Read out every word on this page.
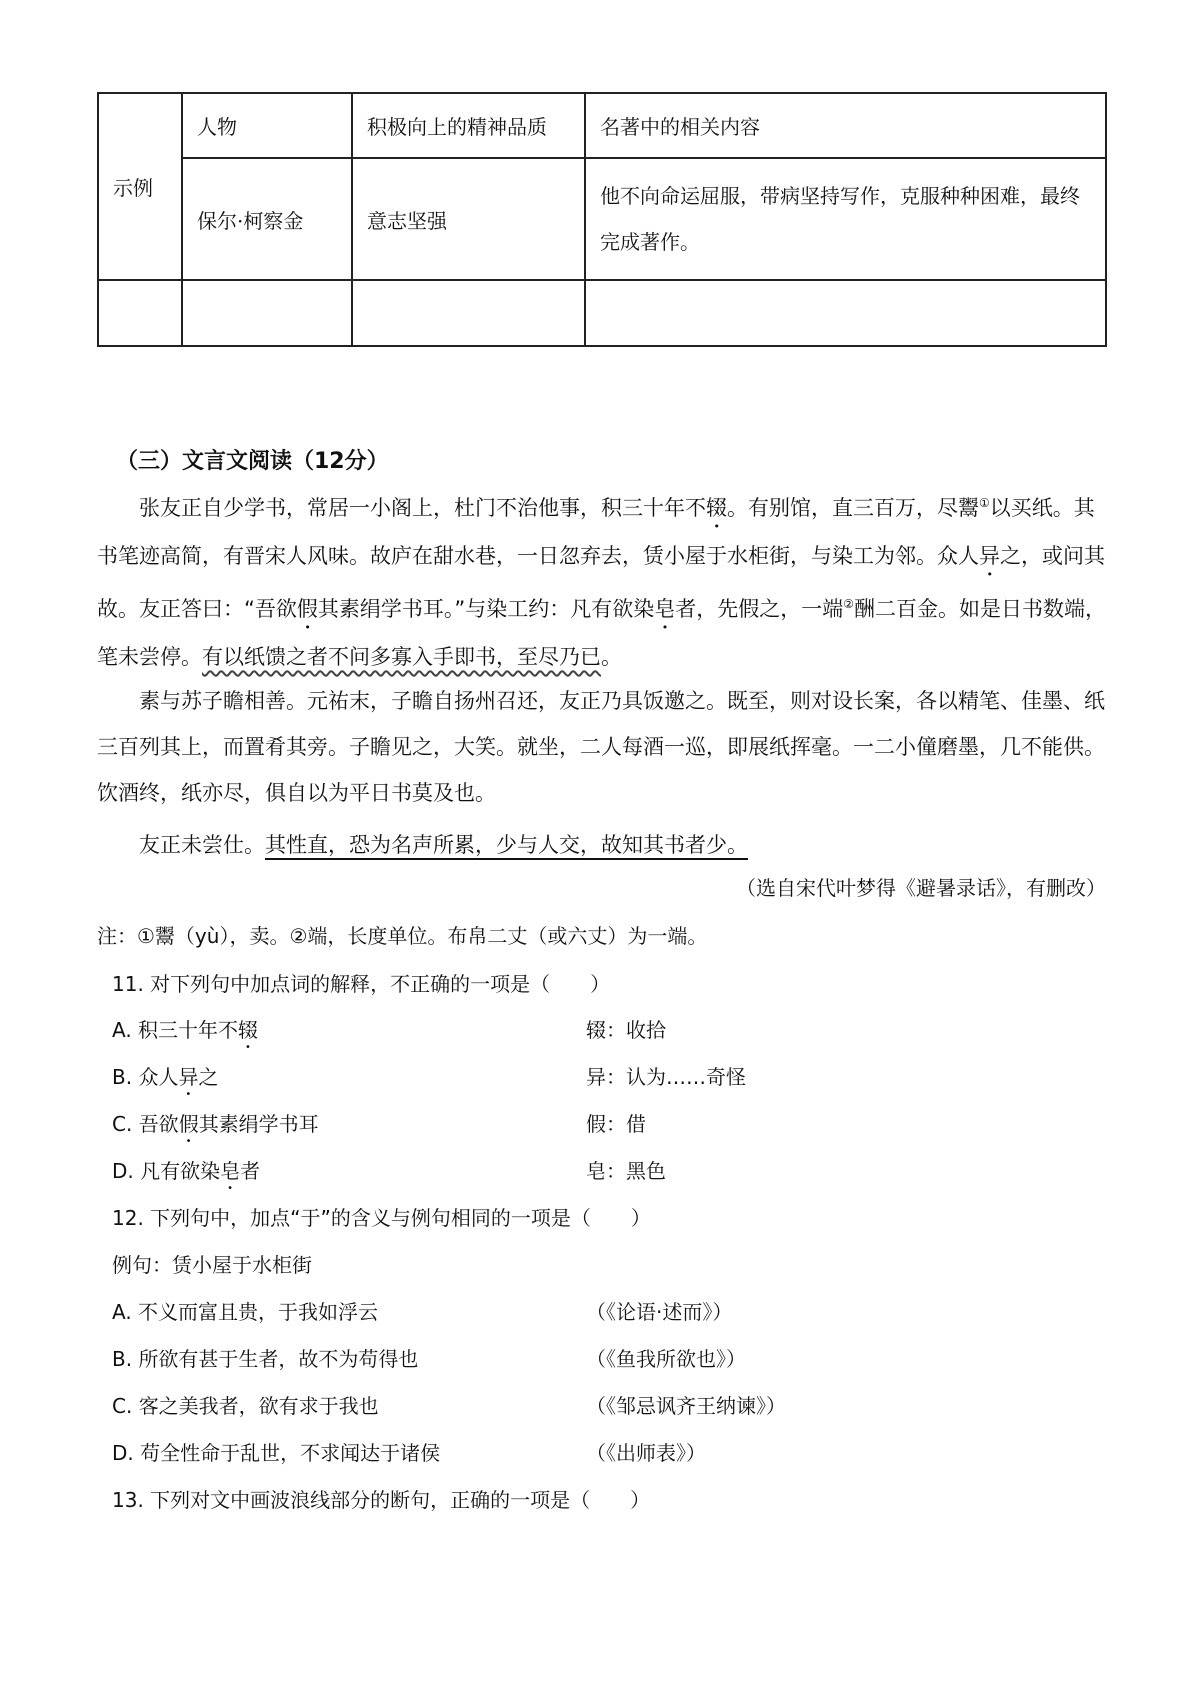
示例	人物	积极向上的精神品质	名著中的相关内容
	保尔·柯察金	意志坚强	他不向命运屈服，带病坚持写作，克服种种困难，最终完成著作。

（三）文言文阅读（12分）
张友正自少学书，常居一小阁上，杜门不治他事，积三十年不辍。有别馆，直三百万，尽鬻①以买纸。其书笔迹高简，有晋宋人风味。故庐在甜水巷，一日忽弃去，赁小屋于水柜街，与染工为邻。众人异之，或问其故。友正答曰：“吾欲假其素绢学书耳。”与染工约：凡有欲染皂者，先假之，一端②酬二百金。如是日书数端，笔未尝停。有以纸馈之者不问多寡入手即书，至尽乃已。
素与苏子瞻相善。元祐末，子瞻自扬州召还，友正乃具饭邀之。既至，则对设长案，各以精笔、佳墨、纸三百列其上，而置肴其旁。子瞻见之，大笑。就坐，二人每酒一巡，即展纸挥毫。一二小僮磨墨，几不能供。饮酒终，纸亦尽，俱自以为平日书莫及也。
友正未尝仕。其性直，恐为名声所累，少与人交，故知其书者少。
（选自宋代叶梦得《避暑录话》，有删改）
注：①鬻（yù），卖。②端，长度单位。布帛二丈（或六丈）为一端。
11. 对下列句中加点词的解释，不正确的一项是（　　）
A. 积三十年不辍	辍：收拾
B. 众人异之	异：认为……奇怪
C. 吾欲假其素绢学书耳	假：借
D. 凡有欲染皂者	皂：黑色
12. 下列句中，加点“于”的含义与例句相同的一项是（　　）
例句：赁小屋于水柜街
A. 不义而富且贵，于我如浮云	（《论语·述而》）
B. 所欲有甚于生者，故不为苟得也	（《鱼我所欲也》）
C. 客之美我者，欲有求于我也	（《邹忌讽齐王纳谏》）
D. 苟全性命于乱世，不求闻达于诸侯	（《出师表》）
13. 下列对文中画波浪线部分的断句，正确的一项是（　　）
